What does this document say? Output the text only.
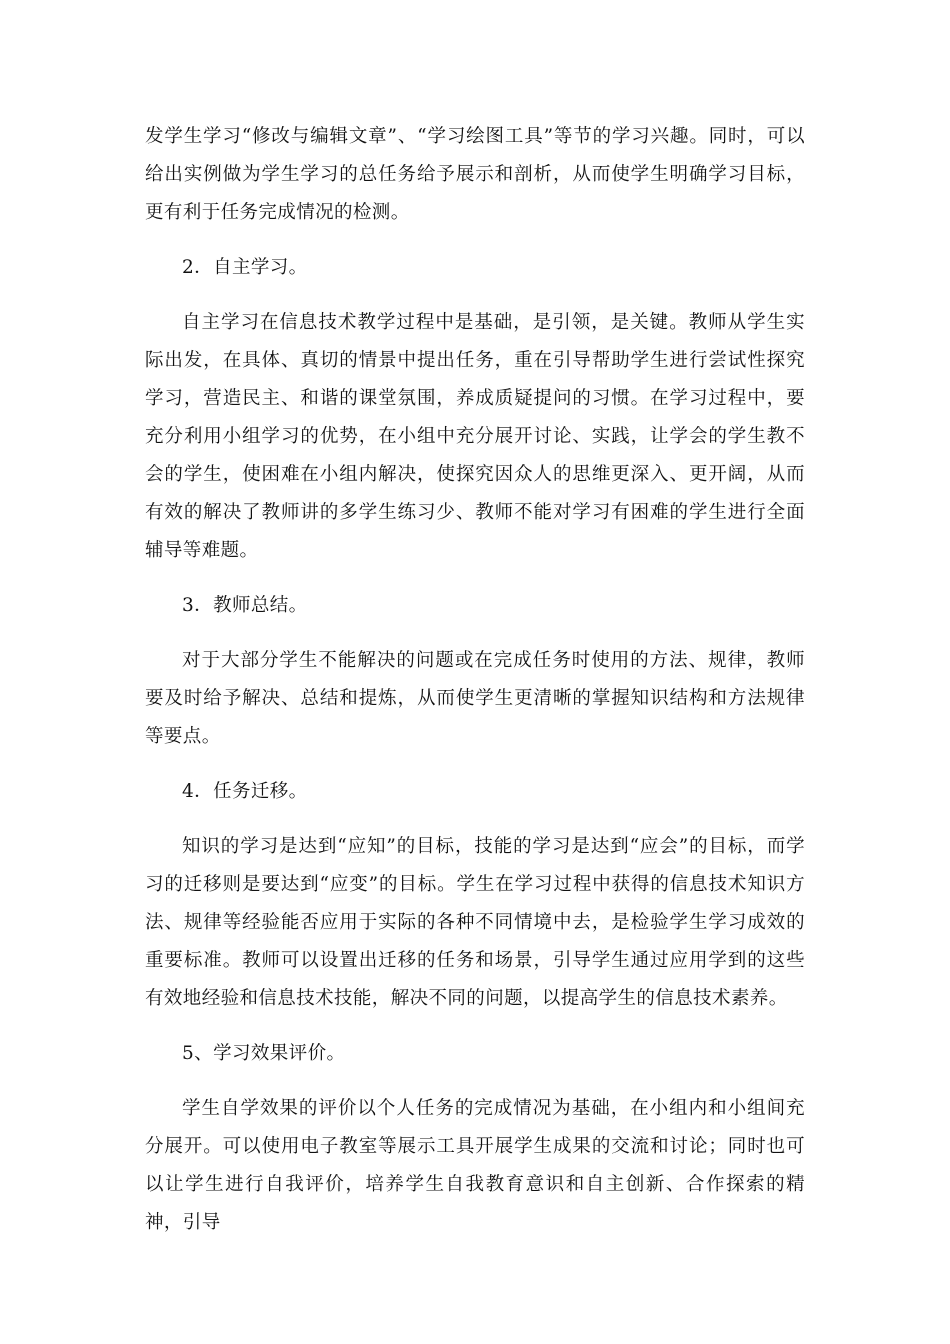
发学生学习“修改与编辑文章”、“学习绘图工具”等节的学习兴趣。同时，可以给出实例做为学生学习的总任务给予展示和剖析，从而使学生明确学习目标，更有利于任务完成情况的检测。

2．自主学习。

自主学习在信息技术教学过程中是基础，是引领，是关键。教师从学生实际出发，在具体、真切的情景中提出任务，重在引导帮助学生进行尝试性探究学习，营造民主、和谐的课堂氛围，养成质疑提问的习惯。在学习过程中，要充分利用小组学习的优势，在小组中充分展开讨论、实践，让学会的学生教不会的学生，使困难在小组内解决，使探究因众人的思维更深入、更开阔，从而有效的解决了教师讲的多学生练习少、教师不能对学习有困难的学生进行全面辅导等难题。

3．教师总结。

对于大部分学生不能解决的问题或在完成任务时使用的方法、规律，教师要及时给予解决、总结和提炼，从而使学生更清晰的掌握知识结构和方法规律等要点。

4．任务迁移。

知识的学习是达到“应知”的目标，技能的学习是达到“应会”的目标，而学习的迁移则是要达到“应变”的目标。学生在学习过程中获得的信息技术知识方法、规律等经验能否应用于实际的各种不同情境中去，是检验学生学习成效的重要标准。教师可以设置出迁移的任务和场景，引导学生通过应用学到的这些有效地经验和信息技术技能，解决不同的问题，以提高学生的信息技术素养。

5、学习效果评价。

学生自学效果的评价以个人任务的完成情况为基础，在小组内和小组间充分展开。可以使用电子教室等展示工具开展学生成果的交流和讨论；同时也可以让学生进行自我评价，培养学生自我教育意识和自主创新、合作探索的精神，引导
